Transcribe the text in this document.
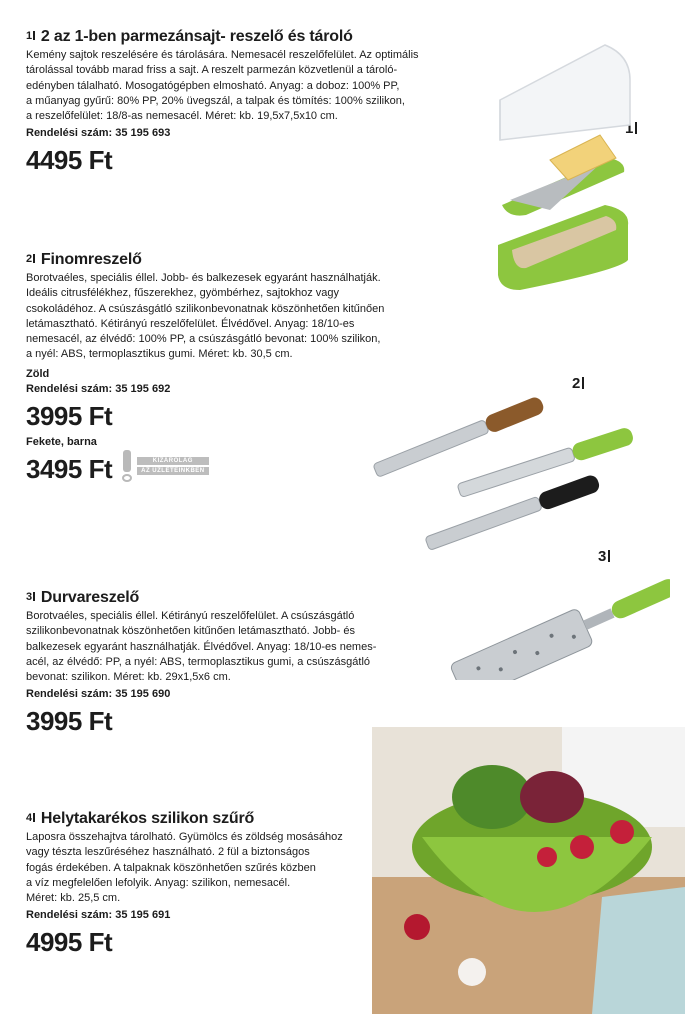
1 2 az 1-ben parmezánsajt- reszelő és tároló

Kemény sajtok reszelésére és tárolására. Nemesacél reszelőfelület. Az optimális

tárolással tovább marad friss a sajt. A reszelt parmezán közvetlenül a tároló-

edényben tálalható. Mosogatógépben elmosható. Anyag: a doboz: 100% PP,

a műanyag gyűrű: 80% PP, 20% üvegszál, a talpak és tömítés: 100% szilikon,

a reszelőfelület: 18/8-as nemesacél. Méret: kb. 19,5x7,5x10 cm.

Rendelési szám: 35 195 693
4495 Ft
2 Finomreszelő

Borotvaéles, speciális éllel. Jobb- és balkezesek egyaránt használhatják.

Ideális citrusfélékhez, fűszerekhez, gyömbérhez, sajtokhoz vagy

csokoládéhoz. A csúszásgátló szilikonbevonatnak köszönhetően kitűnően

letámasztható. Kétirányú reszelőfelület. Élvédővel. Anyag: 18/10-es

nemesacél, az élvédő: 100% PP, a csúszásgátló bevonat: 100% szilikon,

a nyél: ABS, termoplasztikus gumi. Méret: kb. 30,5 cm.

Zöld
Rendelési szám: 35 195 692
3995 Ft
Fekete, barna
3495 Ft	KIZÁRÓLAG
AZ ÜZLETEINKBEN
3 Durvareszelő

Borotvaéles, speciális éllel. Kétirányú reszelőfelület. A csúszásgátló

szilikonbevonatnak köszönhetően kitűnően letámasztható. Jobb- és

balkezesek egyaránt használhatják. Élvédővel. Anyag: 18/10-es nemes-

acél, az élvédő: PP, a nyél: ABS, termoplasztikus gumi, a csúszásgátló

bevonat: szilikon. Méret: kb. 29x1,5x6 cm.

Rendelési szám: 35 195 690
3995 Ft
4 Helytakarékos szilikon szűrő

Laposra összehajtva tárolható. Gyümölcs és zöldség mosásához

vagy tészta leszűréséhez használható. 2 fül a biztonságos

fogás érdekében. A talpaknak köszönhetően szűrés közben

a víz megfelelően lefolyik. Anyag: szilikon, nemesacél.

Méret: kb. 25,5 cm.

Rendelési szám: 35 195 691
4995 Ft
1
2
3
